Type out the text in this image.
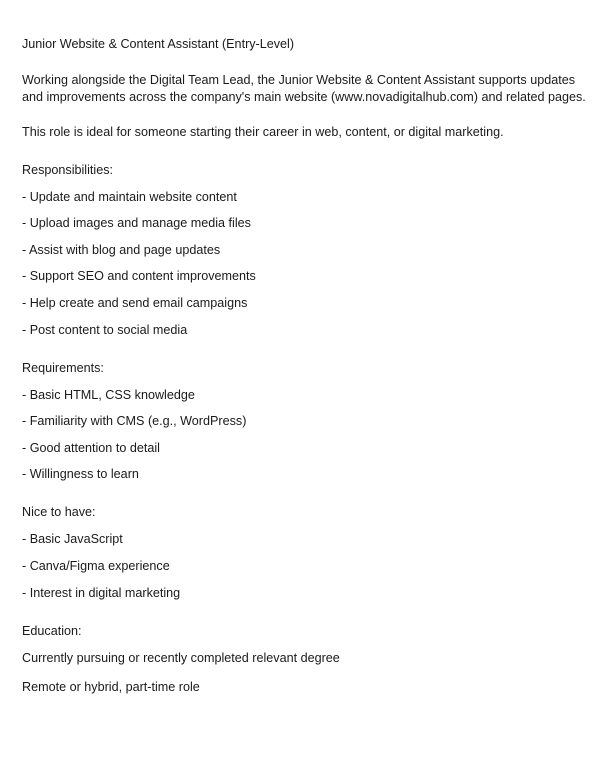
Junior Website & Content Assistant (Entry-Level)
Working alongside the Digital Team Lead, the Junior Website & Content Assistant supports updates and improvements across the company's main website (www.novadigitalhub.com) and related pages.
This role is ideal for someone starting their career in web, content, or digital marketing.
Responsibilities:
- Update and maintain website content
- Upload images and manage media files
- Assist with blog and page updates
- Support SEO and content improvements
- Help create and send email campaigns
- Post content to social media
Requirements:
- Basic HTML, CSS knowledge
- Familiarity with CMS (e.g., WordPress)
- Good attention to detail
- Willingness to learn
Nice to have:
- Basic JavaScript
- Canva/Figma experience
- Interest in digital marketing
Education:
Currently pursuing or recently completed relevant degree
Remote or hybrid, part-time role
